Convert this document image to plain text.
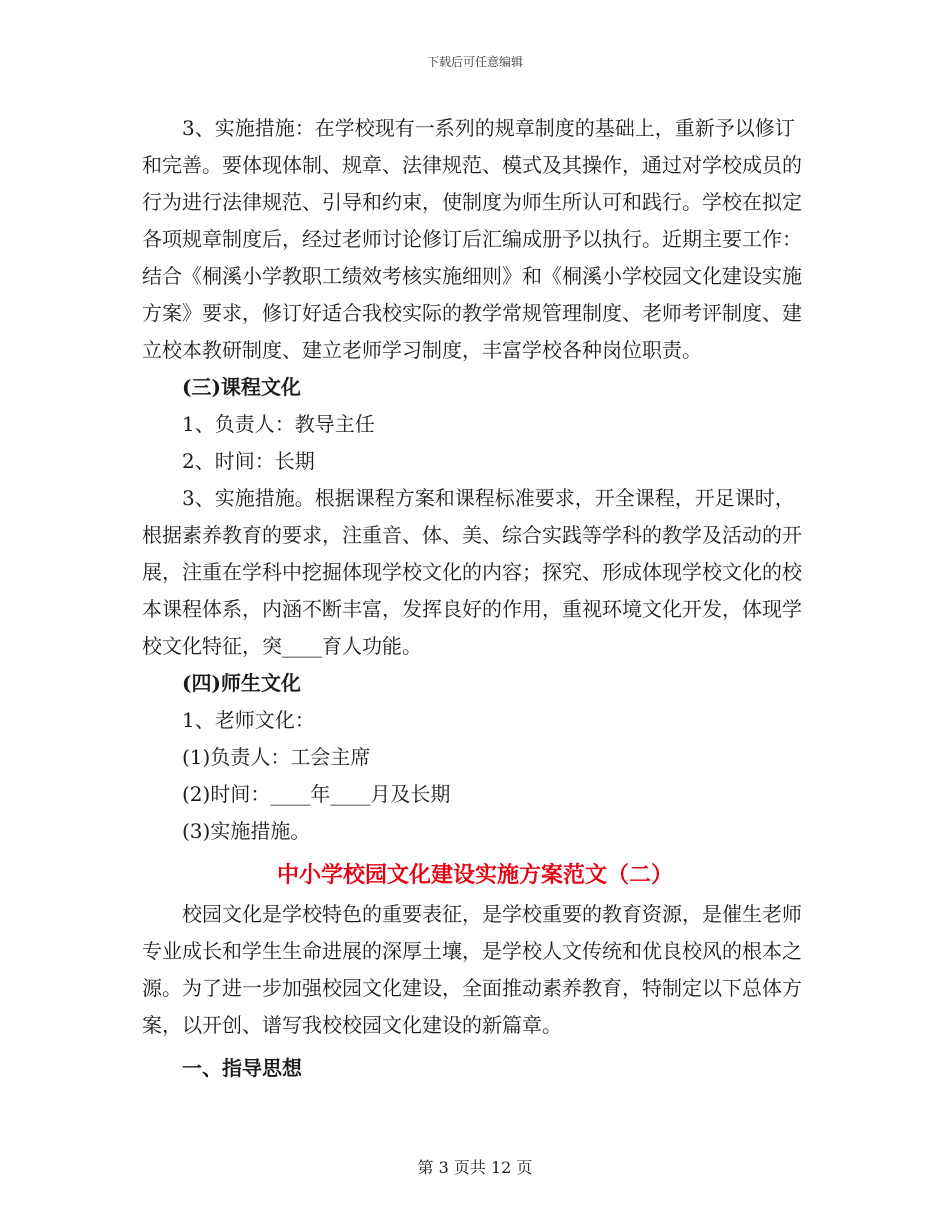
下载后可任意编辑

3、实施措施：在学校现有一系列的规章制度的基础上，重新予以修订和完善。要体现体制、规章、法律规范、模式及其操作，通过对学校成员的行为进行法律规范、引导和约束，使制度为师生所认可和践行。学校在拟定各项规章制度后，经过老师讨论修订后汇编成册予以执行。近期主要工作：结合《桐溪小学教职工绩效考核实施细则》和《桐溪小学校园文化建设实施方案》要求，修订好适合我校实际的教学常规管理制度、老师考评制度、建立校本教研制度、建立老师学习制度，丰富学校各种岗位职责。

(三)课程文化

1、负责人：教导主任

2、时间：长期

3、实施措施。根据课程方案和课程标准要求，开全课程，开足课时，根据素养教育的要求，注重音、体、美、综合实践等学科的教学及活动的开展，注重在学科中挖掘体现学校文化的内容；探究、形成体现学校文化的校本课程体系，内涵不断丰富，发挥良好的作用，重视环境文化开发，体现学校文化特征，突____育人功能。

(四)师生文化

1、老师文化：

(1)负责人：工会主席

(2)时间：____年____月及长期

(3)实施措施。

中小学校园文化建设实施方案范文（二）

校园文化是学校特色的重要表征，是学校重要的教育资源，是催生老师专业成长和学生生命进展的深厚土壤，是学校人文传统和优良校风的根本之源。为了进一步加强校园文化建设，全面推动素养教育，特制定以下总体方案，以开创、谱写我校校园文化建设的新篇章。

一、指导思想

第 3 页共 12 页
